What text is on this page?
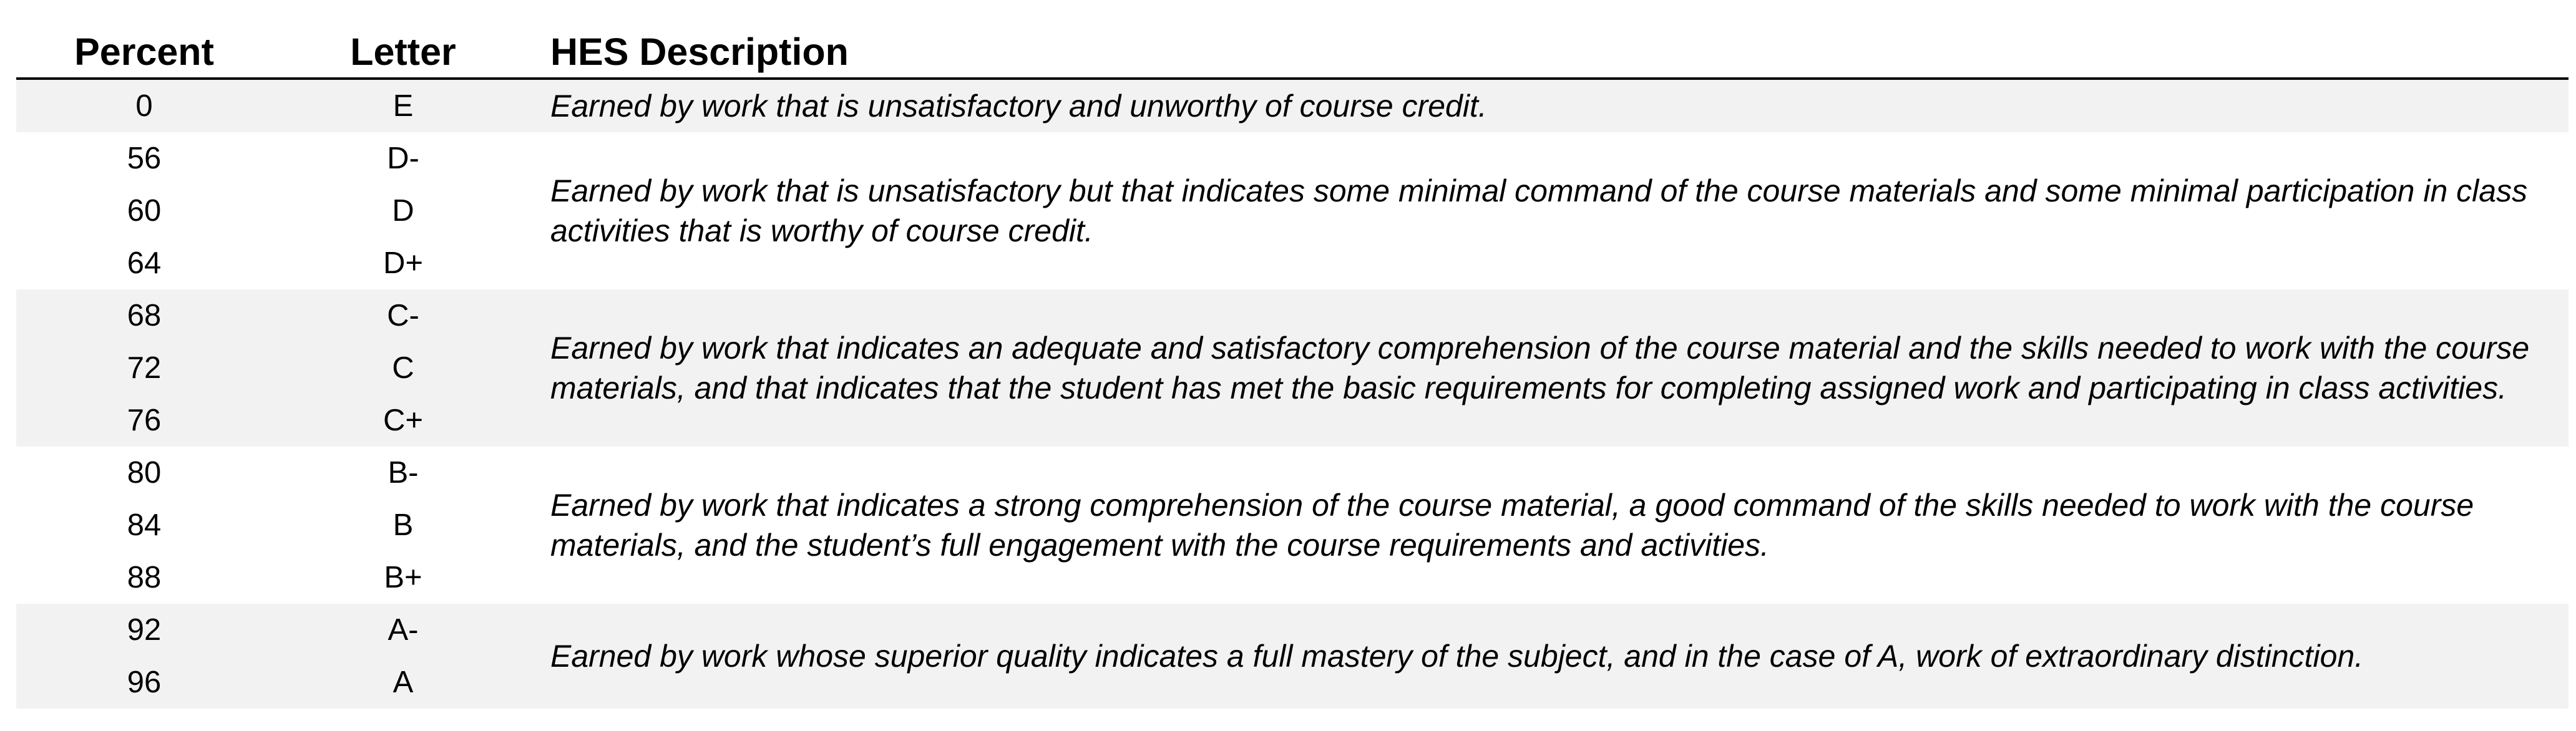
Percent	Letter	HES Description
0	E	Earned by work that is unsatisfactory and unworthy of course credit.
56	D-
60	D
64	D+
Earned by work that is unsatisfactory but that indicates some minimal command of the course materials and some minimal participation in class activities that is worthy of course credit.
68	C-
72	C
76	C+
Earned by work that indicates an adequate and satisfactory comprehension of the course material and the skills needed to work with the course materials, and that indicates that the student has met the basic requirements for completing assigned work and participating in class activities.
80	B-
84	B
88	B+
Earned by work that indicates a strong comprehension of the course material, a good command of the skills needed to work with the course materials, and the student’s full engagement with the course requirements and activities.
92	A-
96	A
Earned by work whose superior quality indicates a full mastery of the subject, and in the case of A, work of extraordinary distinction.
